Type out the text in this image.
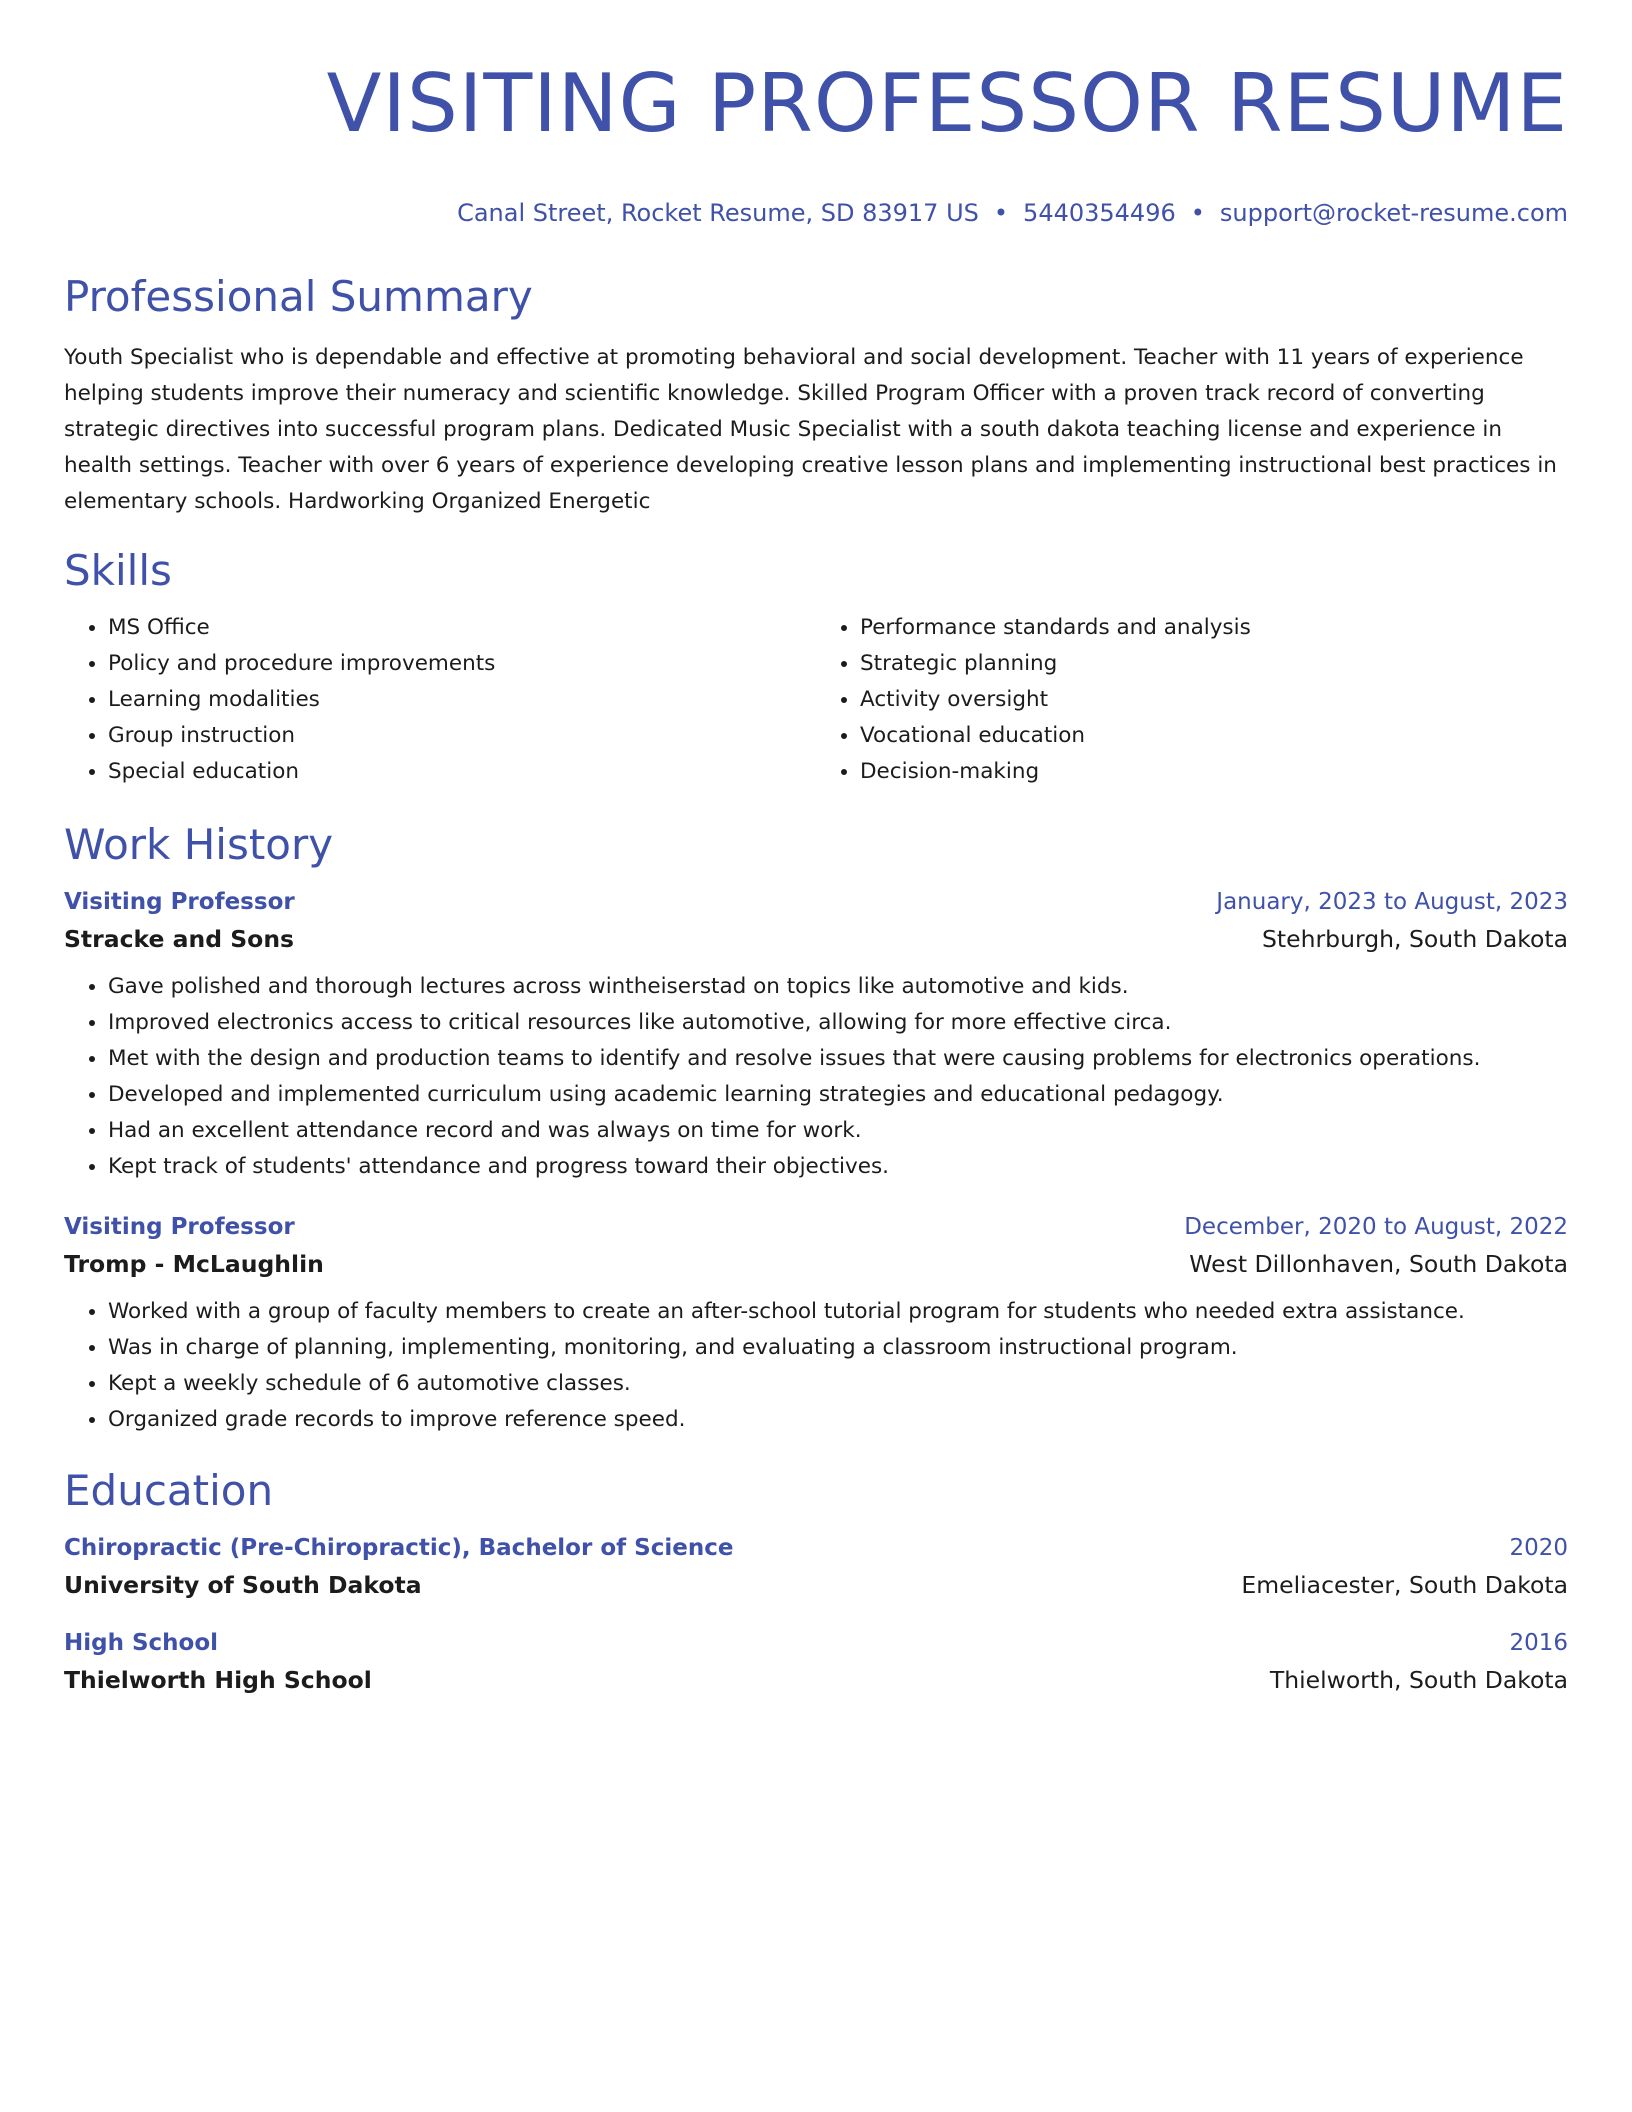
VISITING PROFESSOR RESUME
Canal Street, Rocket Resume, SD 83917 US • 5440354496 • support@rocket-resume.com
Professional Summary

Youth Specialist who is dependable and effective at promoting behavioral and social development. Teacher with 11 years of experience helping students improve their numeracy and scientific knowledge. Skilled Program Officer with a proven track record of converting strategic directives into successful program plans. Dedicated Music Specialist with a south dakota teaching license and experience in health settings. Teacher with over 6 years of experience developing creative lesson plans and implementing instructional best practices in elementary schools. Hardworking Organized Energetic

Skills
• MS Office
• Policy and procedure improvements
• Learning modalities
• Group instruction
• Special education
• Performance standards and analysis
• Strategic planning
• Activity oversight
• Vocational education
• Decision-making
Work History
Visiting Professor	January, 2023 to August, 2023
Stracke and Sons	Stehrburgh, South Dakota
• Gave polished and thorough lectures across wintheiserstad on topics like automotive and kids.
• Improved electronics access to critical resources like automotive, allowing for more effective circa.
• Met with the design and production teams to identify and resolve issues that were causing problems for electronics operations.
• Developed and implemented curriculum using academic learning strategies and educational pedagogy.
• Had an excellent attendance record and was always on time for work.
• Kept track of students' attendance and progress toward their objectives.
Visiting Professor	December, 2020 to August, 2022
Tromp - McLaughlin	West Dillonhaven, South Dakota
• Worked with a group of faculty members to create an after-school tutorial program for students who needed extra assistance.
• Was in charge of planning, implementing, monitoring, and evaluating a classroom instructional program.
• Kept a weekly schedule of 6 automotive classes.
• Organized grade records to improve reference speed.
Education
Chiropractic (Pre-Chiropractic), Bachelor of Science	2020
University of South Dakota	Emeliacester, South Dakota
High School	2016
Thielworth High School	Thielworth, South Dakota
